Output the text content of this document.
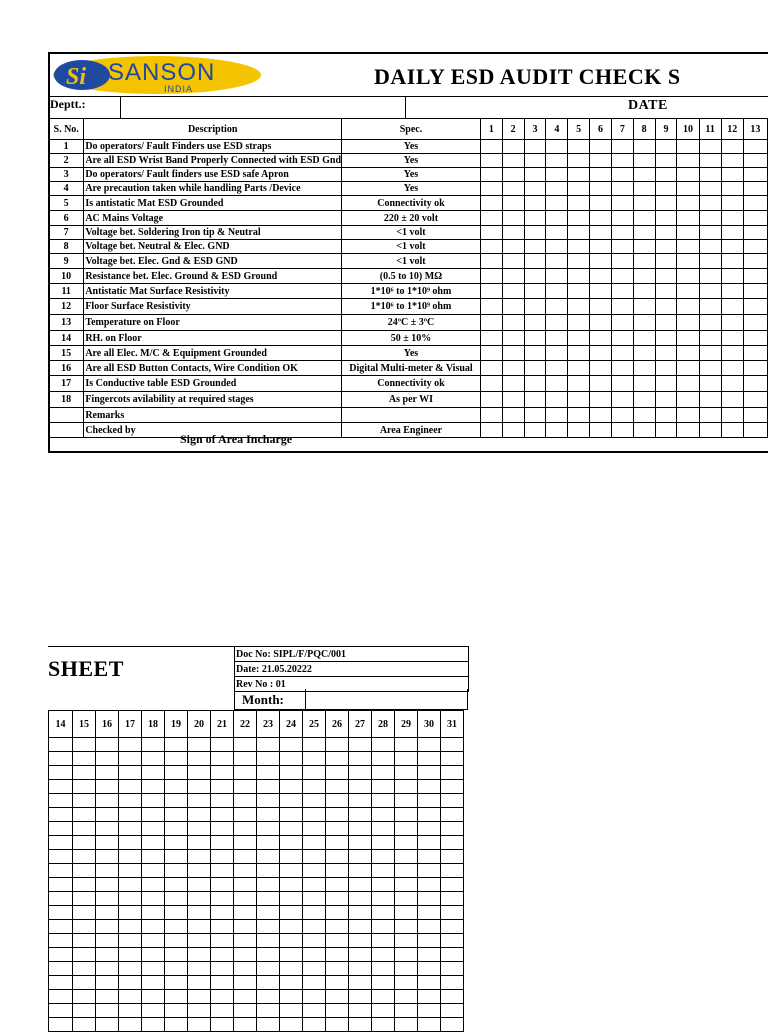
Si SANSON
INDIA	DAILY ESD AUDIT CHECK S
Deptt.:	DATE
S. No.	Description	Spec.	1	2	3	4	5	6	7	8	9	10	11	12	13
1	Do operators/ Fault Finders use ESD straps	Yes													
2	Are all ESD Wrist Band Properly Connected with ESD Gnd	Yes													
3	Do operators/ Fault finders use ESD safe Apron	Yes													
4	Are precaution taken while handling Parts /Device	Yes													
5	Is antistatic Mat ESD Grounded	Connectivity ok													
6	AC Mains Voltage	220 ± 20 volt													
7	Voltage bet. Soldering Iron tip & Neutral	<1 volt													
8	Voltage bet. Neutral & Elec. GND	<1 volt													
9	Voltage bet. Elec. Gnd & ESD GND	<1 volt													
10	Resistance bet. Elec. Ground & ESD Ground	(0.5 to 10) MΩ													
11	Antistatic Mat Surface Resistivity	1*10⁶ to 1*10⁹ ohm													
12	Floor Surface Resistivity	1*10⁶ to 1*10⁹ ohm													
13	Temperature on Floor	24ºC ± 3ºC													
14	RH. on Floor	50 ± 10%													
15	Are all Elec. M/C & Equipment Grounded	Yes													
16	Are all ESD Button Contacts, Wire Condition OK	Digital Multi-meter & Visual													
17	Is Conductive table ESD Grounded	Connectivity ok													
18	Fingercots avilability at required stages	As per WI													
	Remarks														
	Checked by	Area Engineer													
Sign of Area Incharge
SHEET
Doc No: SIPL/F/PQC/001
Date: 21.05.20222
Rev No : 01
Month:
14	15	16	17	18	19	20	21	22	23	24	25	26	27	28	29	30	31
